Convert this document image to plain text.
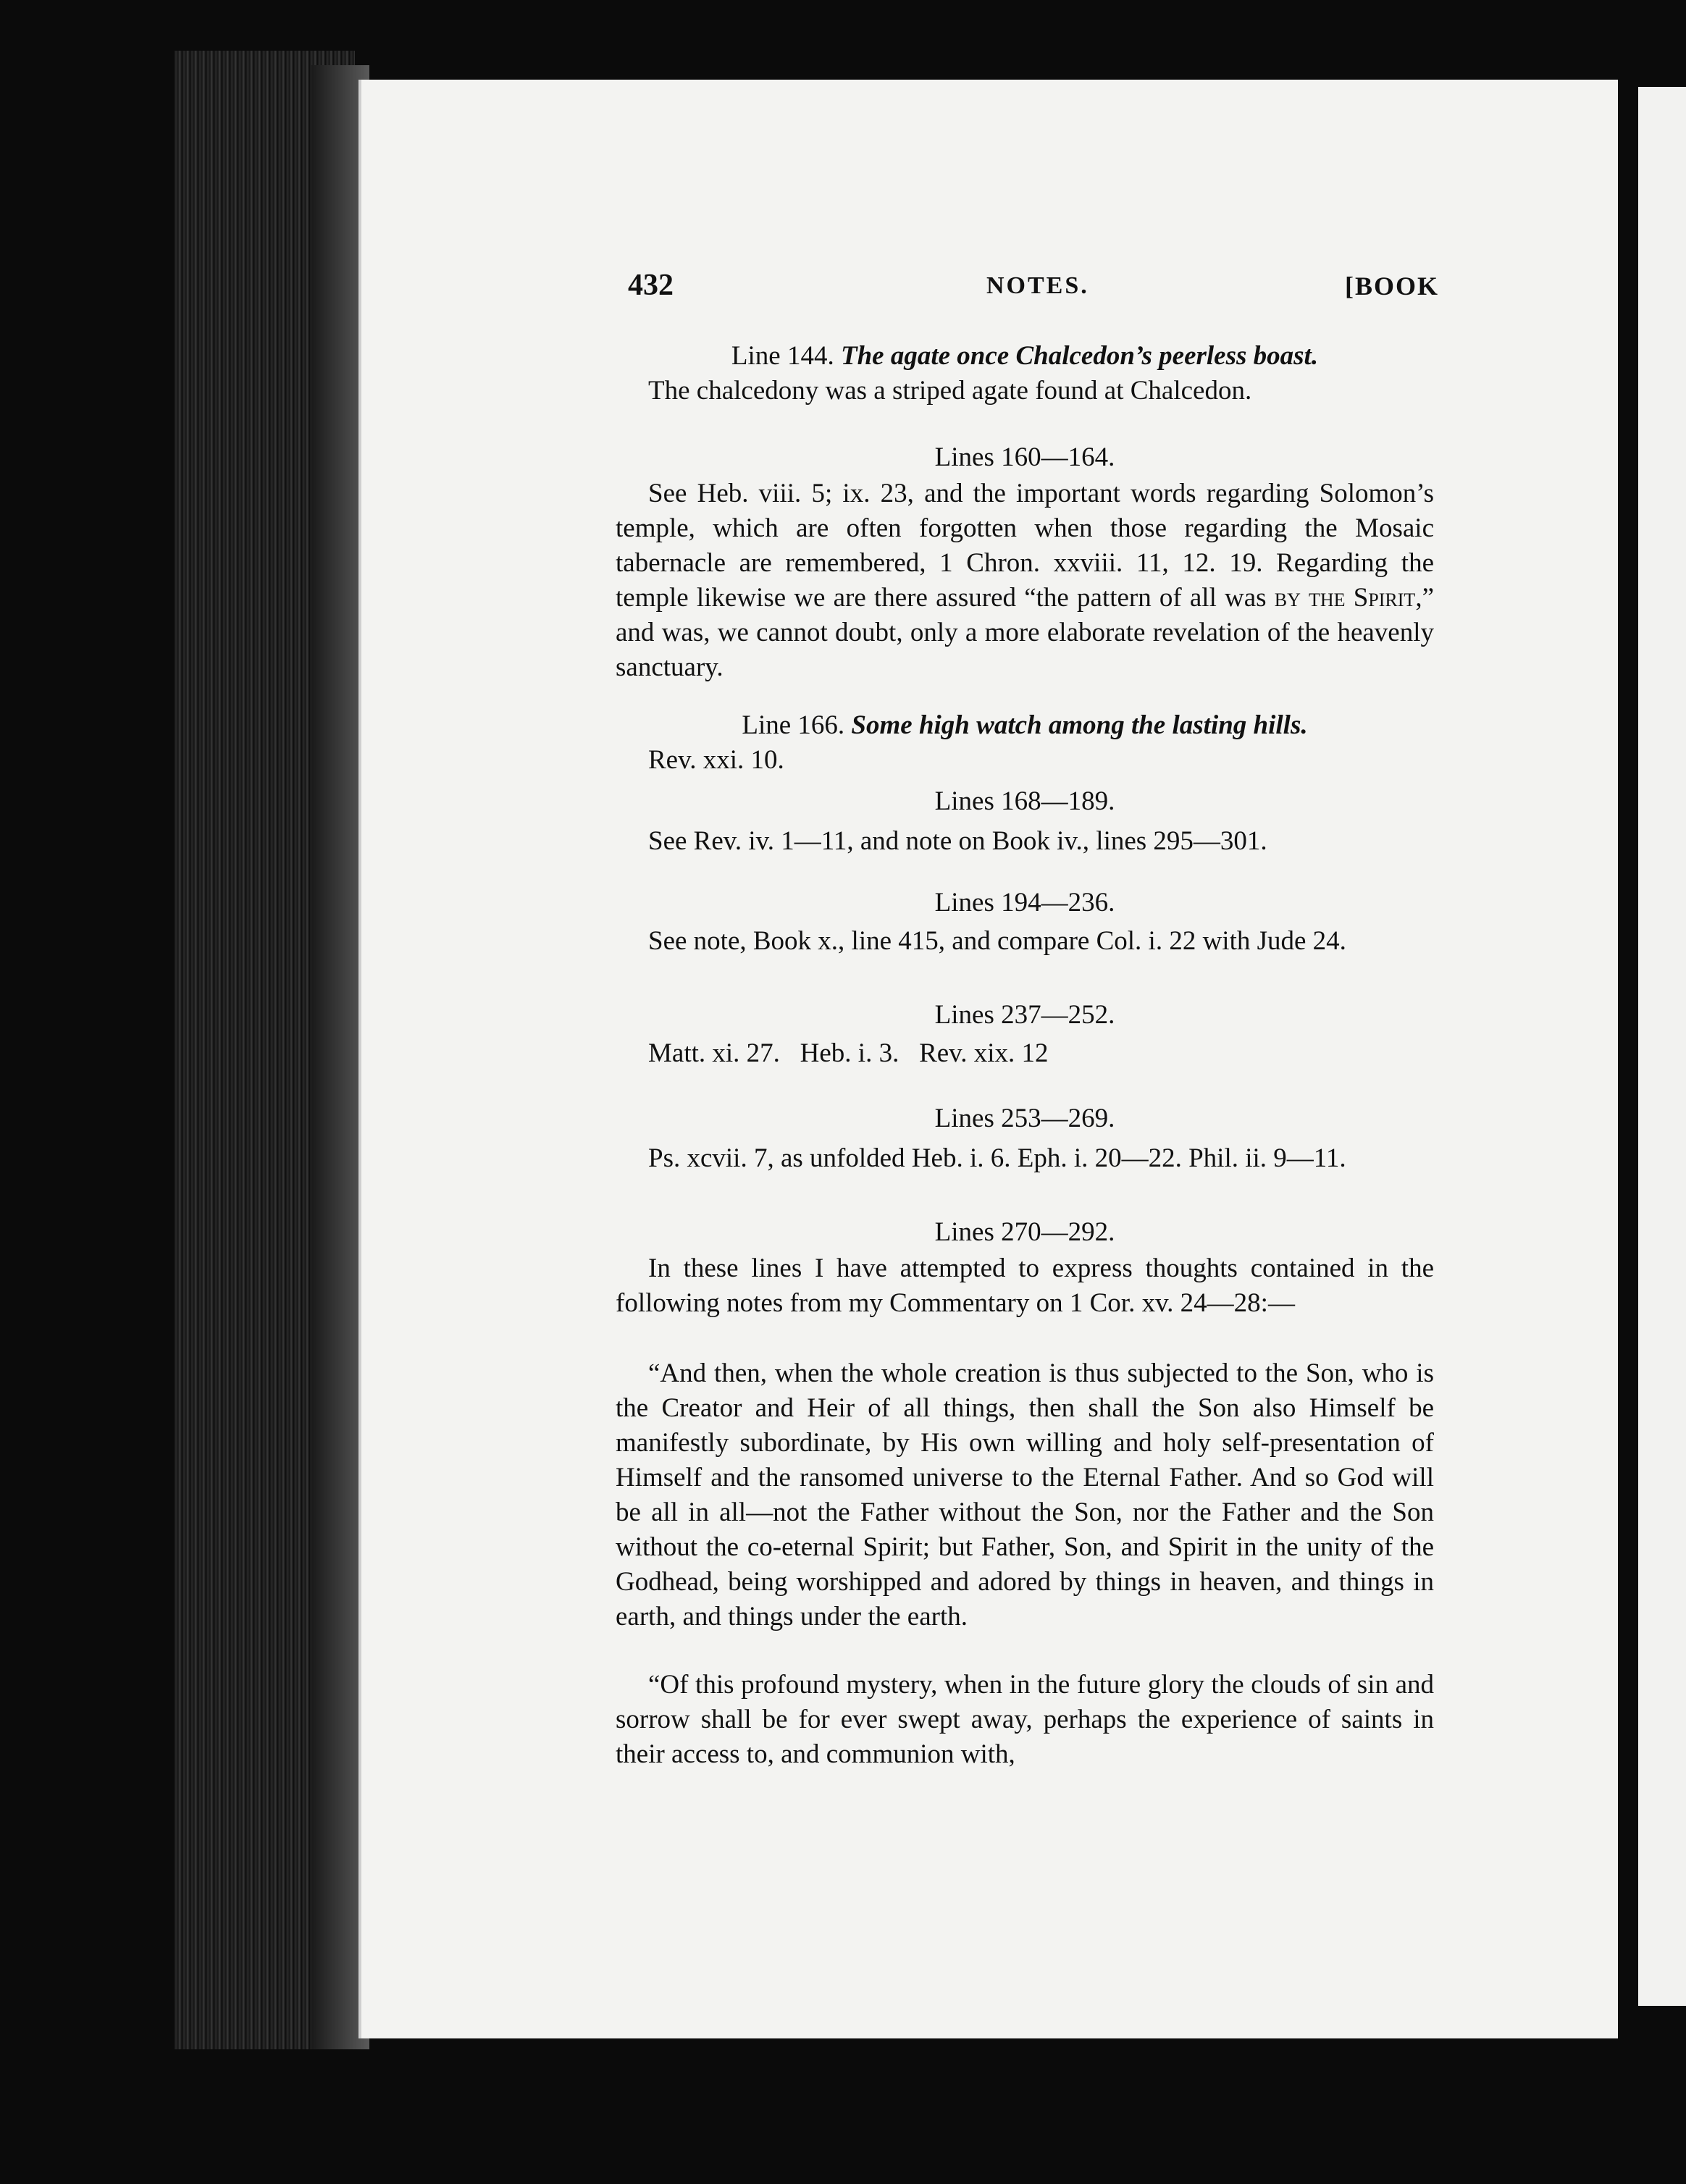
432	NOTES.	[BOOK
Line 144. The agate once Chalcedon’s peerless boast.
The chalcedony was a striped agate found at Chalcedon.
Lines 160—164.
See Heb. viii. 5; ix. 23, and the important words regarding Solomon’s temple, which are often forgotten when those regarding the Mosaic tabernacle are remembered, 1 Chron. xxviii. 11, 12. 19. Regarding the temple likewise we are there assured “the pattern of all was by the Spirit,” and was, we cannot doubt, only a more elaborate revelation of the heavenly sanctuary.
Line 166. Some high watch among the lasting hills.
Rev. xxi. 10.
Lines 168—189.
See Rev. iv. 1—11, and note on Book iv., lines 295—301.
Lines 194—236.
See note, Book x., line 415, and compare Col. i. 22 with Jude 24.
Lines 237—252.
Matt. xi. 27.   Heb. i. 3.   Rev. xix. 12
Lines 253—269.
Ps. xcvii. 7, as unfolded Heb. i. 6. Eph. i. 20—22. Phil. ii. 9—11.
Lines 270—292.
In these lines I have attempted to express thoughts contained in the following notes from my Commentary on 1 Cor. xv. 24—28:—
“And then, when the whole creation is thus subjected to the Son, who is the Creator and Heir of all things, then shall the Son also Himself be manifestly subordinate, by His own willing and holy self-presentation of Himself and the ransomed universe to the Eternal Father. And so God will be all in all—not the Father without the Son, nor the Father and the Son without the co-eternal Spirit; but Father, Son, and Spirit in the unity of the Godhead, being worshipped and adored by things in heaven, and things in earth, and things under the earth.
“Of this profound mystery, when in the future glory the clouds of sin and sorrow shall be for ever swept away, perhaps the experience of saints in their access to, and communion with,
